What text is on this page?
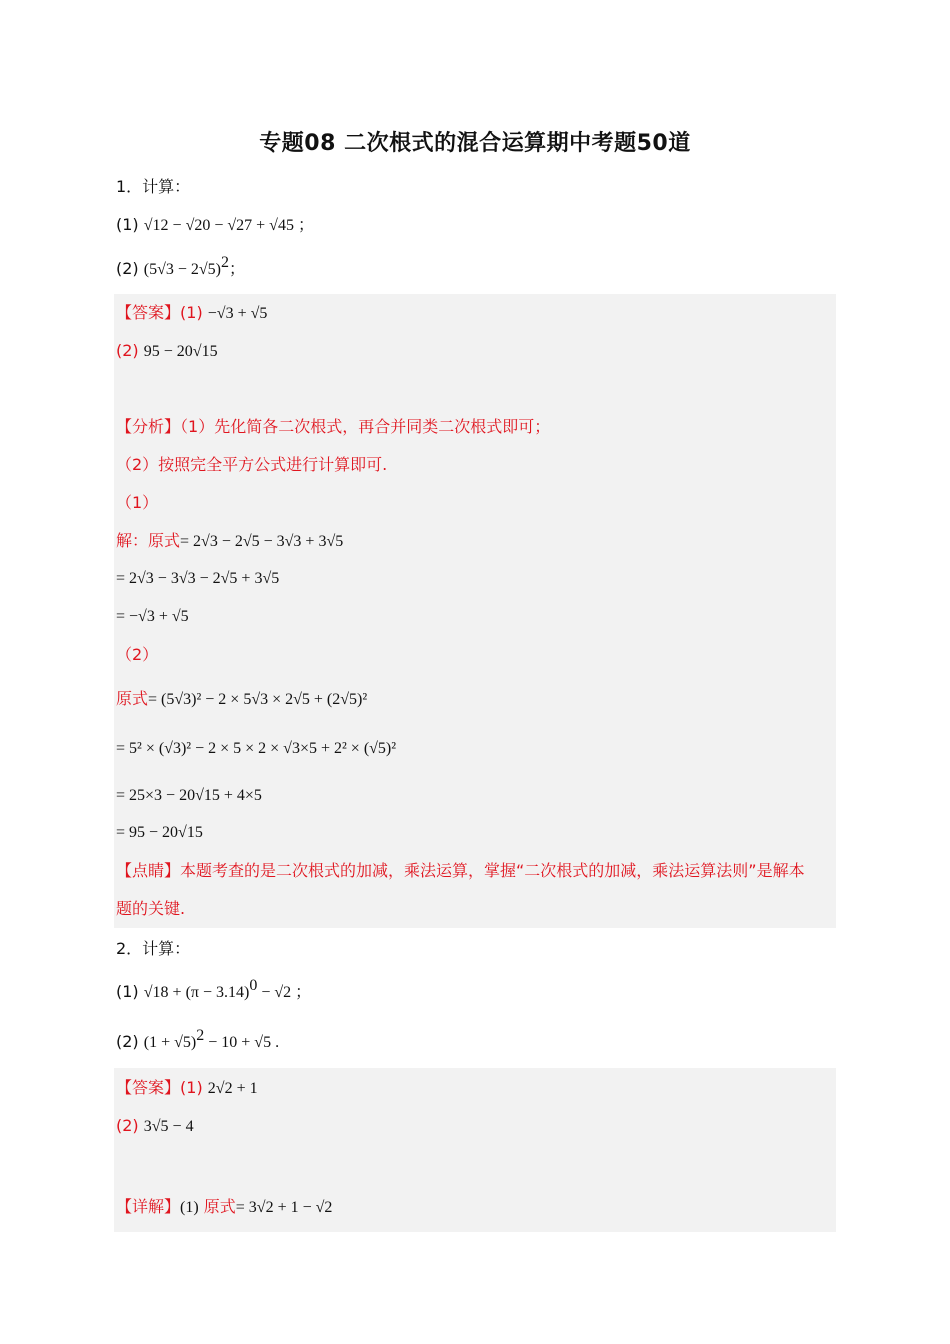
专题08 二次根式的混合运算期中考题50道
1．计算：
(1) √12 − √20 − √27 + √45 ；
(2) $(5√3 - 2√5)^2$；
【答案】(1) −√3 + √5
(2) 95 − 20√15
【分析】（1）先化简各二次根式，再合并同类二次根式即可；
（2）按照完全平方公式进行计算即可.
（1）
解：原式= 2√3 − 2√5 − 3√3 + 3√5
= 2√3 − 3√3 − 2√5 + 3√5
= −√3 + √5
（2）
原式= (5√3)² − 2 × 5√3 × 2√5 + (2√5)²
= 5² × (√3)² − 2 × 5 × 2 × √3×5 + 2² × (√5)²
= 25×3 − 20√15 + 4×5
= 95 − 20√15
【点睛】本题考查的是二次根式的加减，乘法运算，掌握“二次根式的加减，乘法运算法则”是解本
题的关键.
2．计算：
(1) $√18 + (\pi - 3.14)^0 - √2$ ；
(2) $(1 + √5)^2 - 10 + √5$ .
【答案】(1) 2√2 + 1
(2) 3√5 − 4
【详解】(1) 原式= 3√2 + 1 − √2
